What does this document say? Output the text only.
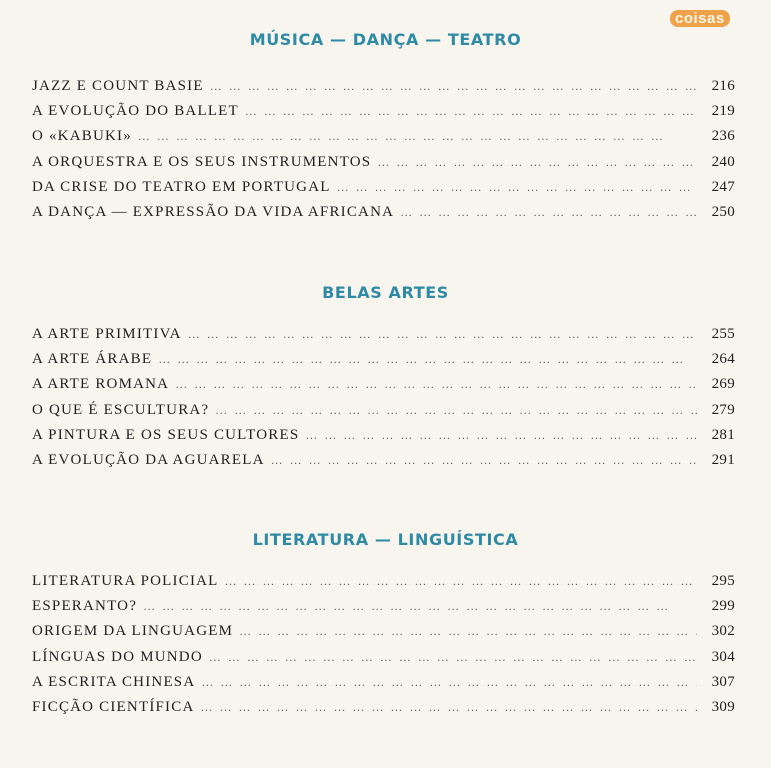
coisas
MÚSICA — DANÇA — TEATRO
JAZZ E COUNT BASIE … … … … … … … … … … … … … … … … … … … … … … … … … … … …	216
A EVOLUÇÃO DO BALLET … … … … … … … … … … … … … … … … … … … … … … … … … … … …	219
O «KABUKI» … … … … … … … … … … … … … … … … … … … … … … … … … … … …	236
A ORQUESTRA E OS SEUS INSTRUMENTOS … … … … … … … … … … … … … … … … … … … … … … … … … … … …	240
DA CRISE DO TEATRO EM PORTUGAL … … … … … … … … … … … … … … … … … … … … … … … … … … … …	247
A DANÇA — EXPRESSÃO DA VIDA AFRICANA … … … … … … … … … … … … … … … … … … … … … … … … … … … …	250
BELAS ARTES
A ARTE PRIMITIVA … … … … … … … … … … … … … … … … … … … … … … … … … … … …	255
A ARTE ÁRABE … … … … … … … … … … … … … … … … … … … … … … … … … … … …	264
A ARTE ROMANA … … … … … … … … … … … … … … … … … … … … … … … … … … … …	269
O QUE É ESCULTURA? … … … … … … … … … … … … … … … … … … … … … … … … … … … …	279
A PINTURA E OS SEUS CULTORES … … … … … … … … … … … … … … … … … … … … … … … … … … … …	281
A EVOLUÇÃO DA AGUARELA … … … … … … … … … … … … … … … … … … … … … … … … … … … …	291
LITERATURA — LINGUÍSTICA
LITERATURA POLICIAL … … … … … … … … … … … … … … … … … … … … … … … … … … … …	295
ESPERANTO? … … … … … … … … … … … … … … … … … … … … … … … … … … … …	299
ORIGEM DA LINGUAGEM … … … … … … … … … … … … … … … … … … … … … … … … … … … …	302
LÍNGUAS DO MUNDO … … … … … … … … … … … … … … … … … … … … … … … … … … … …	304
A ESCRITA CHINESA … … … … … … … … … … … … … … … … … … … … … … … … … … … …	307
FICÇÃO CIENTÍFICA … … … … … … … … … … … … … … … … … … … … … … … … … … … …	309
